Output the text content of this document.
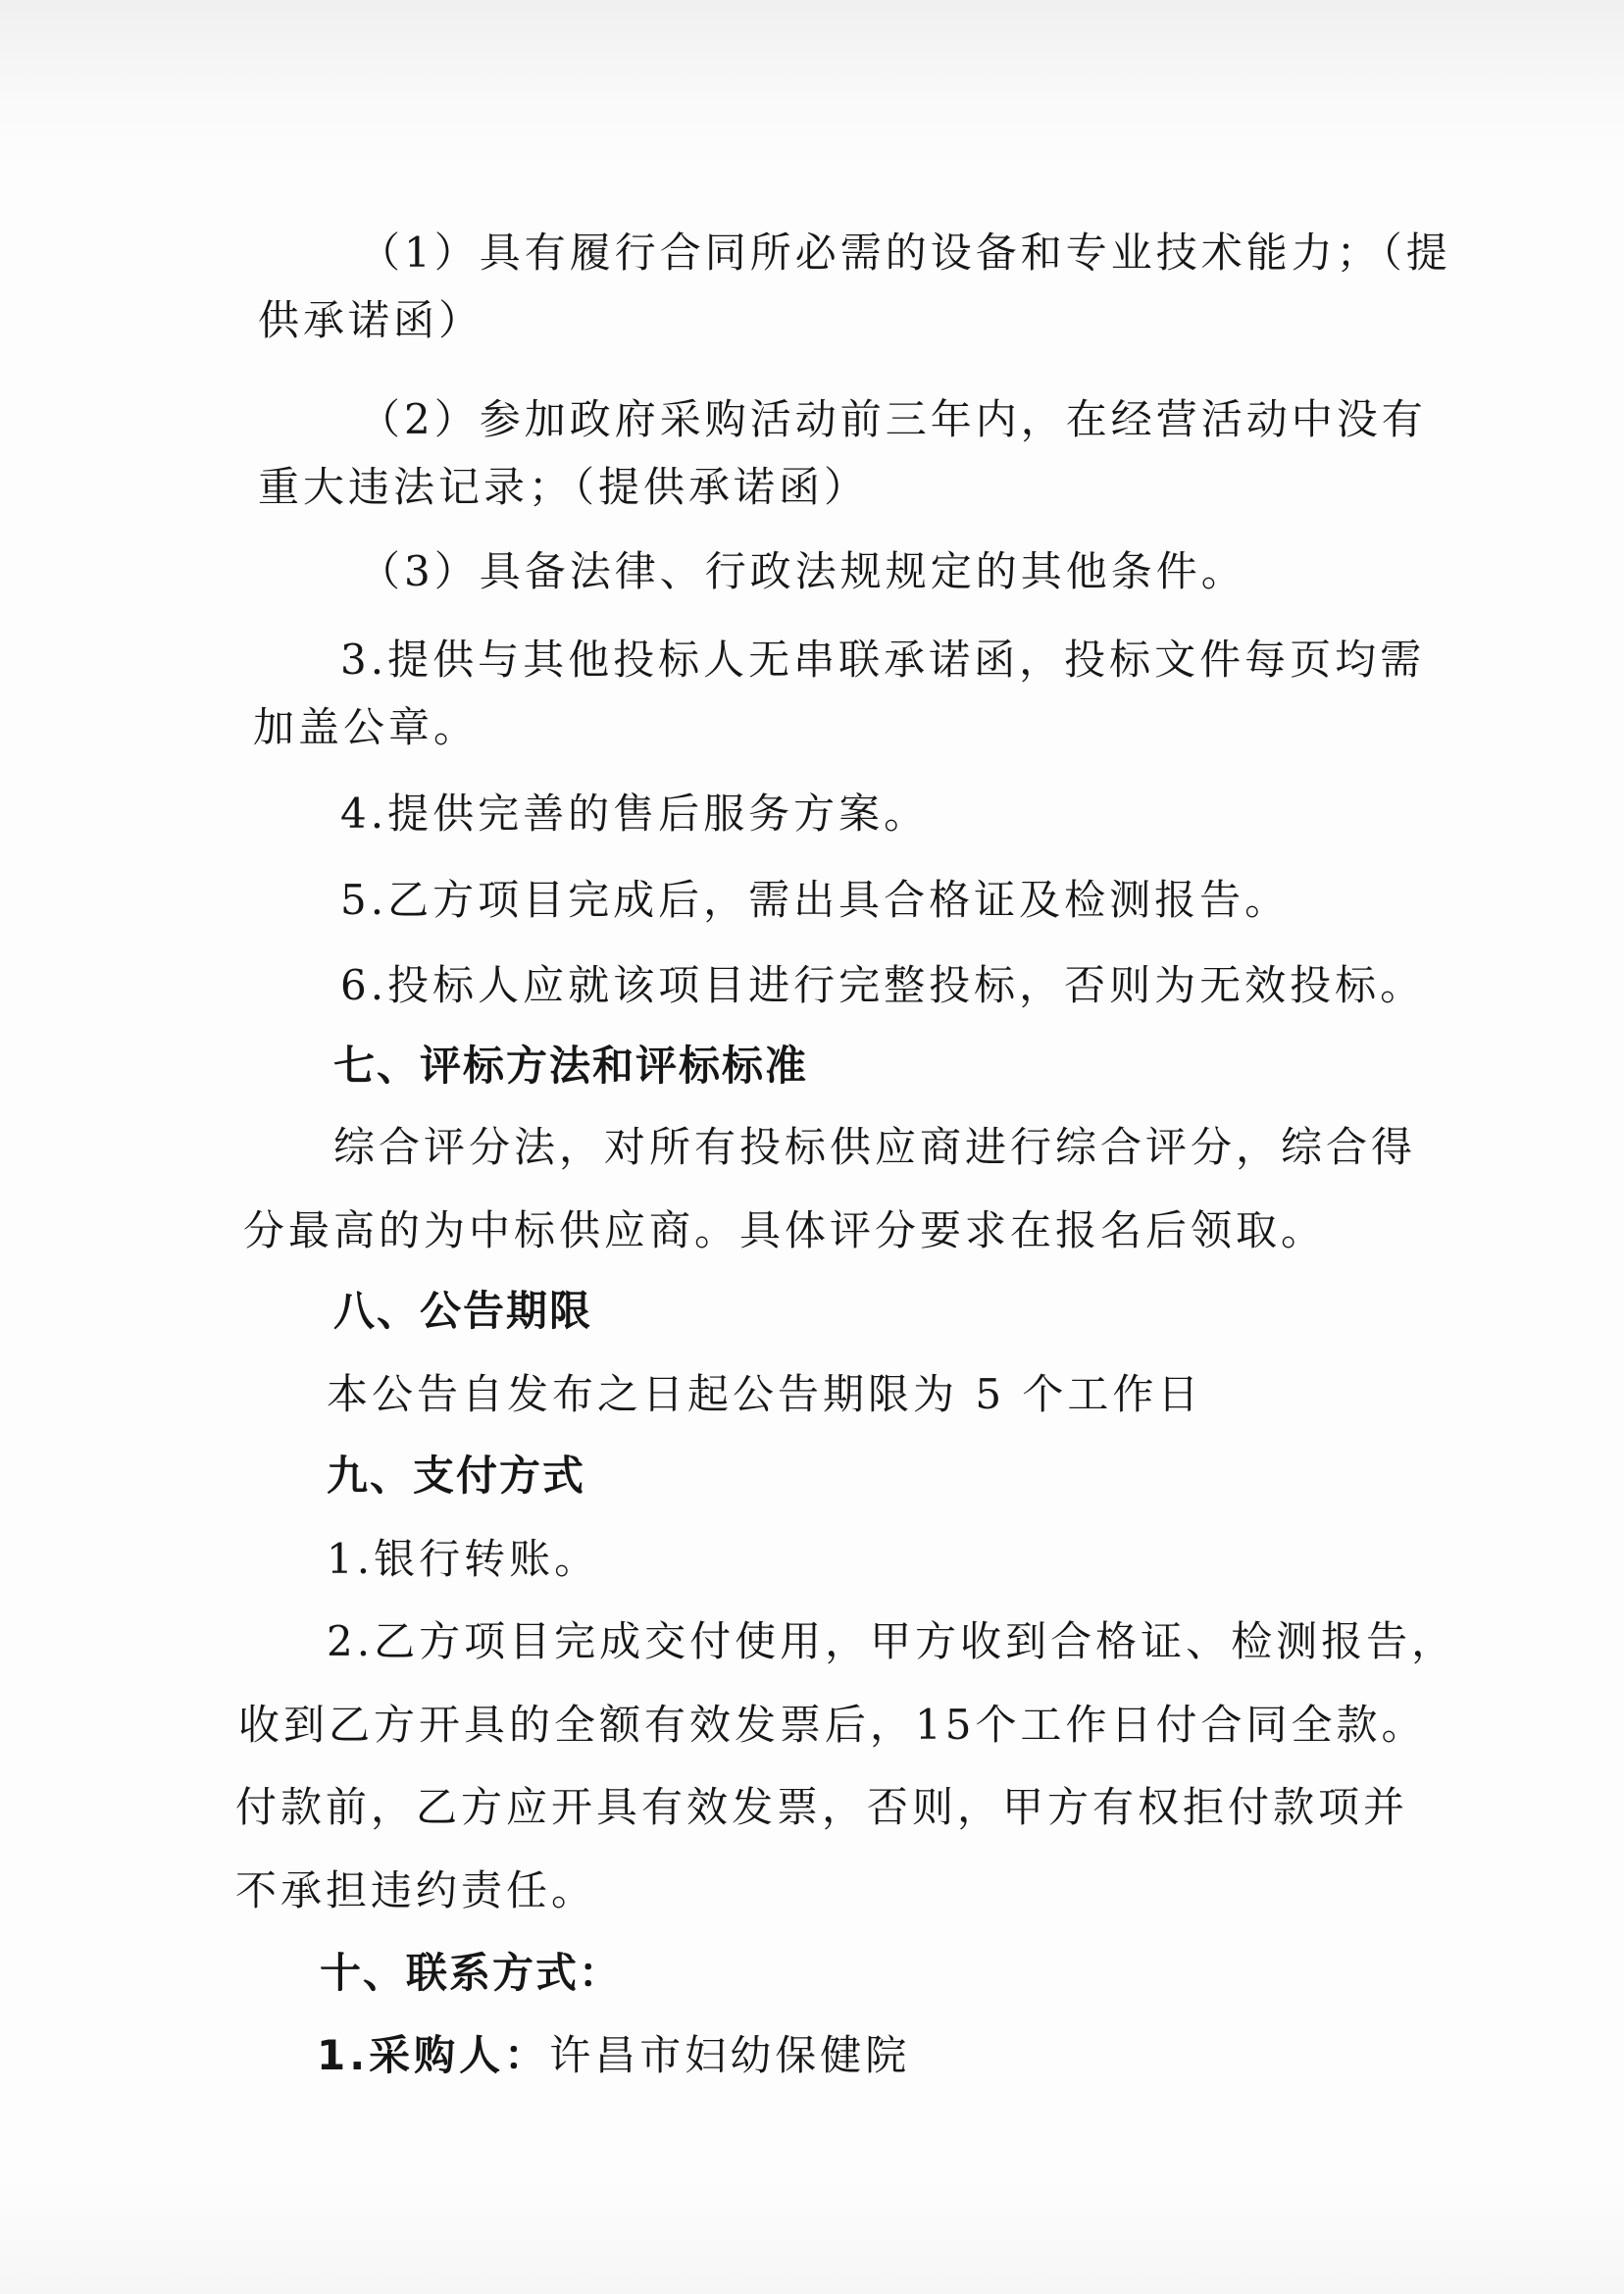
（1）具有履行合同所必需的设备和专业技术能力；（提

供承诺函）

（2）参加政府采购活动前三年内，在经营活动中没有

重大违法记录；（提供承诺函）

（3）具备法律、行政法规规定的其他条件。

3.提供与其他投标人无串联承诺函，投标文件每页均需

加盖公章。

4.提供完善的售后服务方案。

5.乙方项目完成后，需出具合格证及检测报告。

6.投标人应就该项目进行完整投标，否则为无效投标。

七、评标方法和评标标准

综合评分法，对所有投标供应商进行综合评分，综合得

分最高的为中标供应商。具体评分要求在报名后领取。

八、公告期限

本公告自发布之日起公告期限为 5 个工作日

九、支付方式

1.银行转账。

2.乙方项目完成交付使用，甲方收到合格证、检测报告，

收到乙方开具的全额有效发票后，15个工作日付合同全款。

付款前，乙方应开具有效发票，否则，甲方有权拒付款项并

不承担违约责任。

十、联系方式：

1.采购人：许昌市妇幼保健院
